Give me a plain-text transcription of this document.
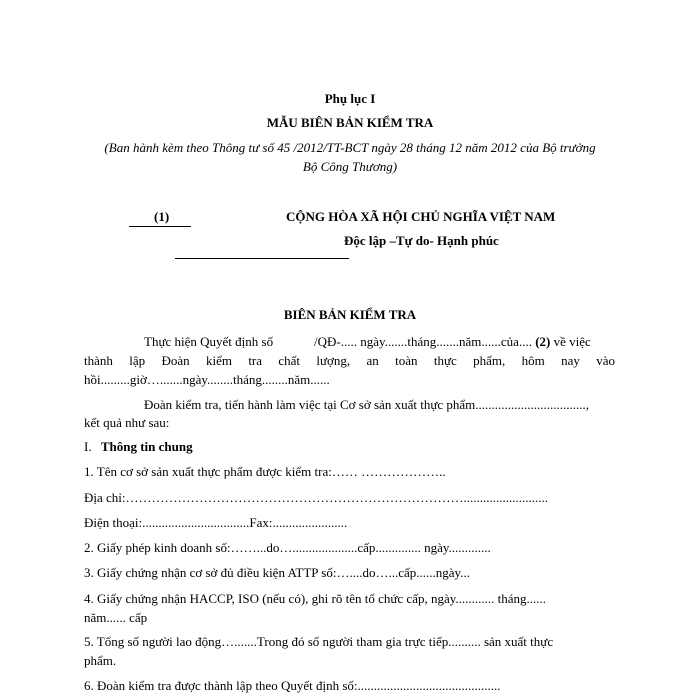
Phụ lục I
MẪU BIÊN BẢN KIỂM TRA
(Ban hành kèm theo Thông tư số 45 /2012/TT-BCT ngày 28 tháng 12 năm 2012 của Bộ trưởng
Bộ Công Thương)
(1)	CỘNG HÒA XÃ HỘI CHỦ NGHĨA VIỆT NAM
Độc lập –Tự do- Hạnh phúc
BIÊN BẢN KIỂM TRA
Thực hiện Quyết định số	/QĐ-..... ngày.......tháng.......năm......của.... (2) về việc
thành lập Đoàn kiểm tra chất lượng, an toàn thực phẩm, hôm nay vào
hồi.........giờ….......ngày........tháng........năm......
Đoàn kiểm tra, tiến hành làm việc tại Cơ sở sản xuất thực phẩm..................................,
kết quả như sau:
I. Thông tin chung
1. Tên cơ sở sản xuất thực phẩm được kiểm tra:…… ………………..
Địa chỉ:……………………………………………………………………..........................
Điện thoại:.................................Fax:.......................
2. Giấy phép kinh doanh số:……...do…....................cấp.............. ngày.............
3. Giấy chứng nhận cơ sở đủ điều kiện ATTP số:…....do…...cấp......ngày...
4. Giấy chứng nhận HACCP, ISO (nếu có), ghi rõ tên tổ chức cấp, ngày............ tháng......
năm...... cấp
5. Tổng số người lao động….......Trong đó số người tham gia trực tiếp.......... sản xuất thực
phẩm.
6. Đoàn kiểm tra được thành lập theo Quyết định số:............................................
